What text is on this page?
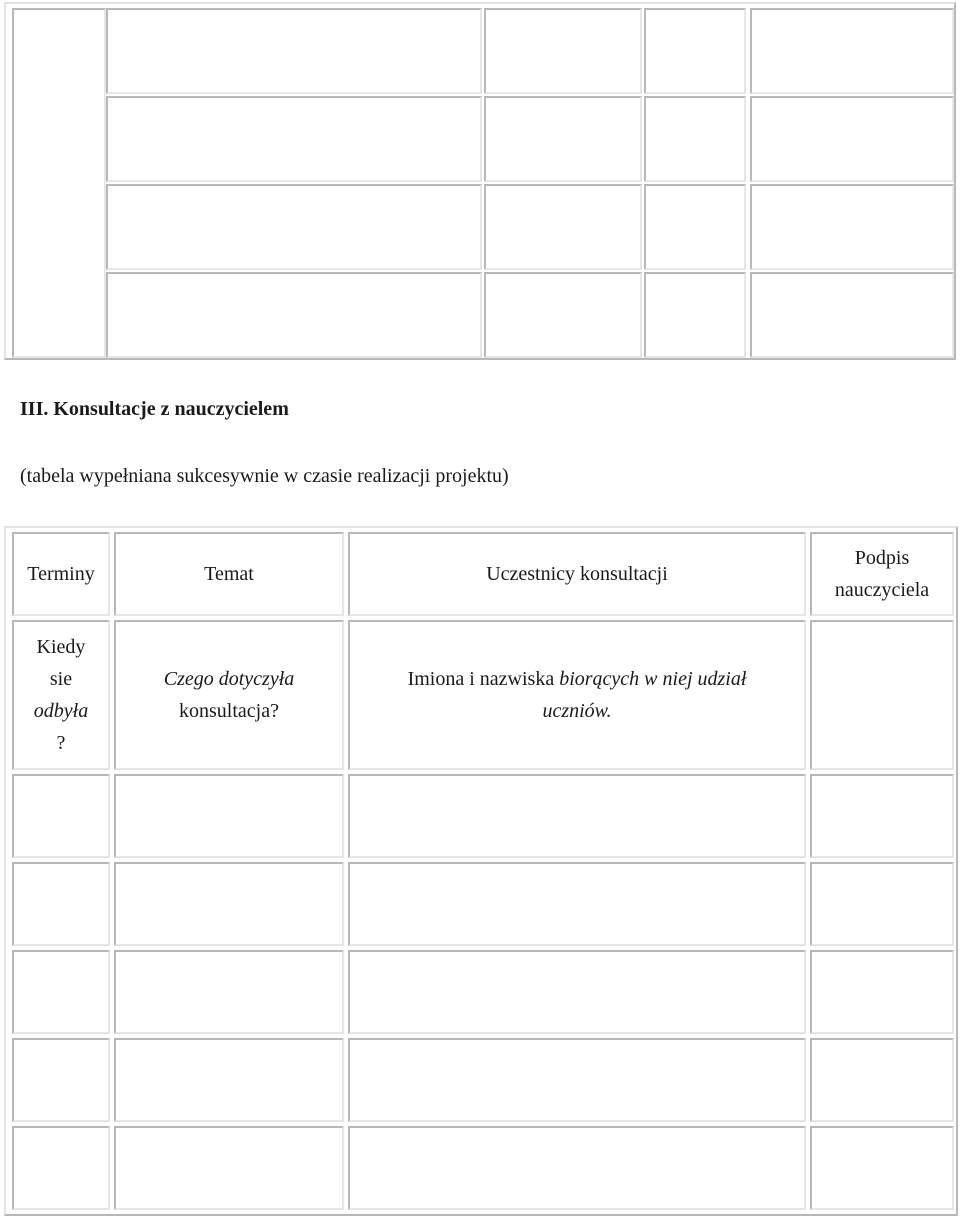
III. Konsultacje z nauczycielem
(tabela wypełniana sukcesywnie w czasie realizacji projektu)
Terminy	Temat	Uczestnicy konsultacji
Podpis
nauczyciela
Kiedy
sie
odbyła
?
Czego dotyczyła
konsultacja?
Imiona i nazwiska biorących w niej udział
uczniów.
